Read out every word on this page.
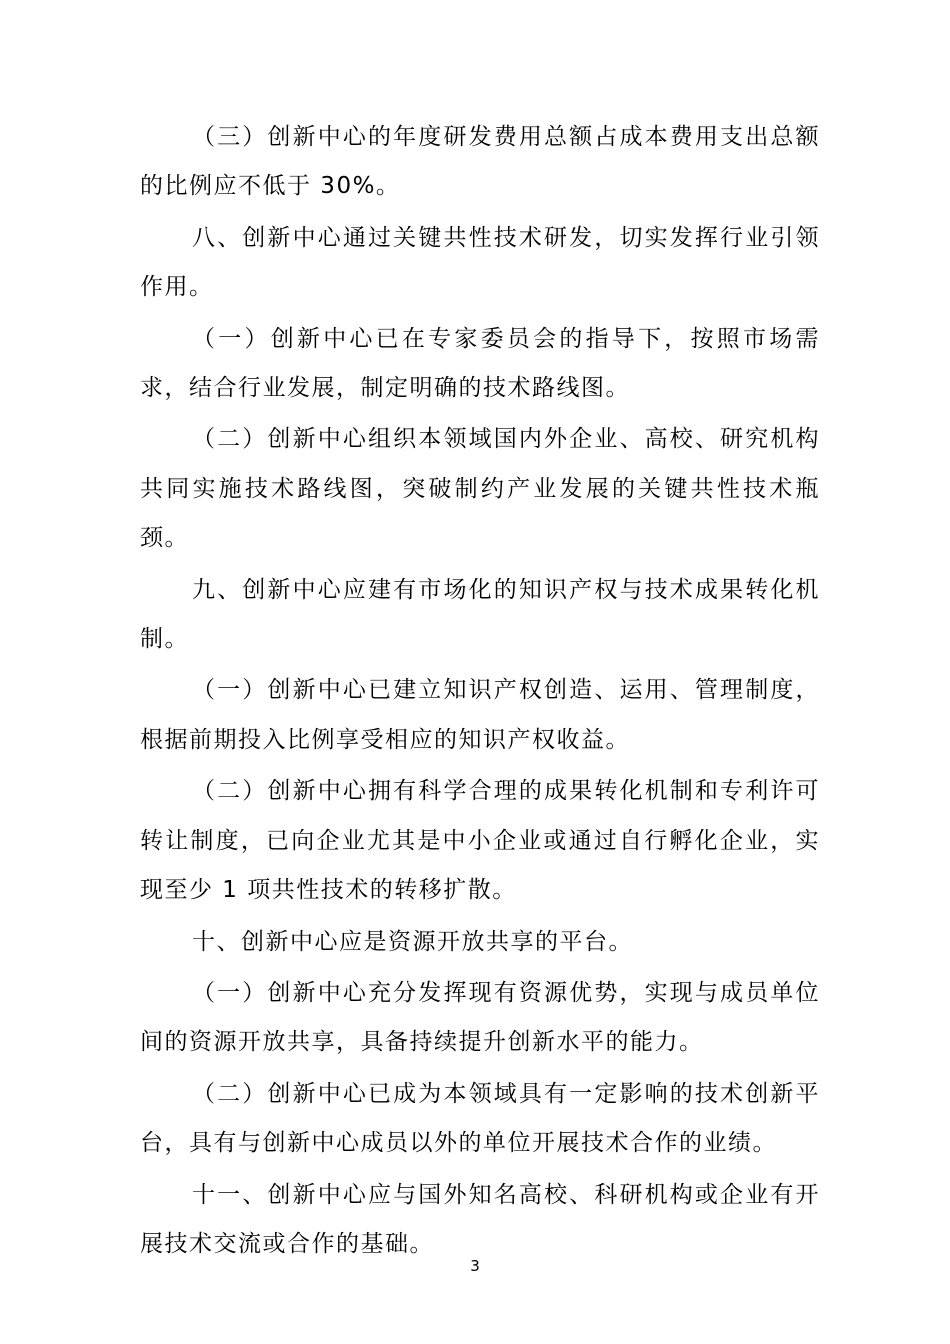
（三）创新中心的年度研发费用总额占成本费用支出总额的比例应不低于 30%。

八、创新中心通过关键共性技术研发，切实发挥行业引领作用。

（一）创新中心已在专家委员会的指导下，按照市场需求，结合行业发展，制定明确的技术路线图。

（二）创新中心组织本领域国内外企业、高校、研究机构共同实施技术路线图，突破制约产业发展的关键共性技术瓶颈。

九、创新中心应建有市场化的知识产权与技术成果转化机制。

（一）创新中心已建立知识产权创造、运用、管理制度，根据前期投入比例享受相应的知识产权收益。

（二）创新中心拥有科学合理的成果转化机制和专利许可转让制度，已向企业尤其是中小企业或通过自行孵化企业，实现至少 1 项共性技术的转移扩散。

十、创新中心应是资源开放共享的平台。

（一）创新中心充分发挥现有资源优势，实现与成员单位间的资源开放共享，具备持续提升创新水平的能力。

（二）创新中心已成为本领域具有一定影响的技术创新平台，具有与创新中心成员以外的单位开展技术合作的业绩。

十一、创新中心应与国外知名高校、科研机构或企业有开展技术交流或合作的基础。

3
